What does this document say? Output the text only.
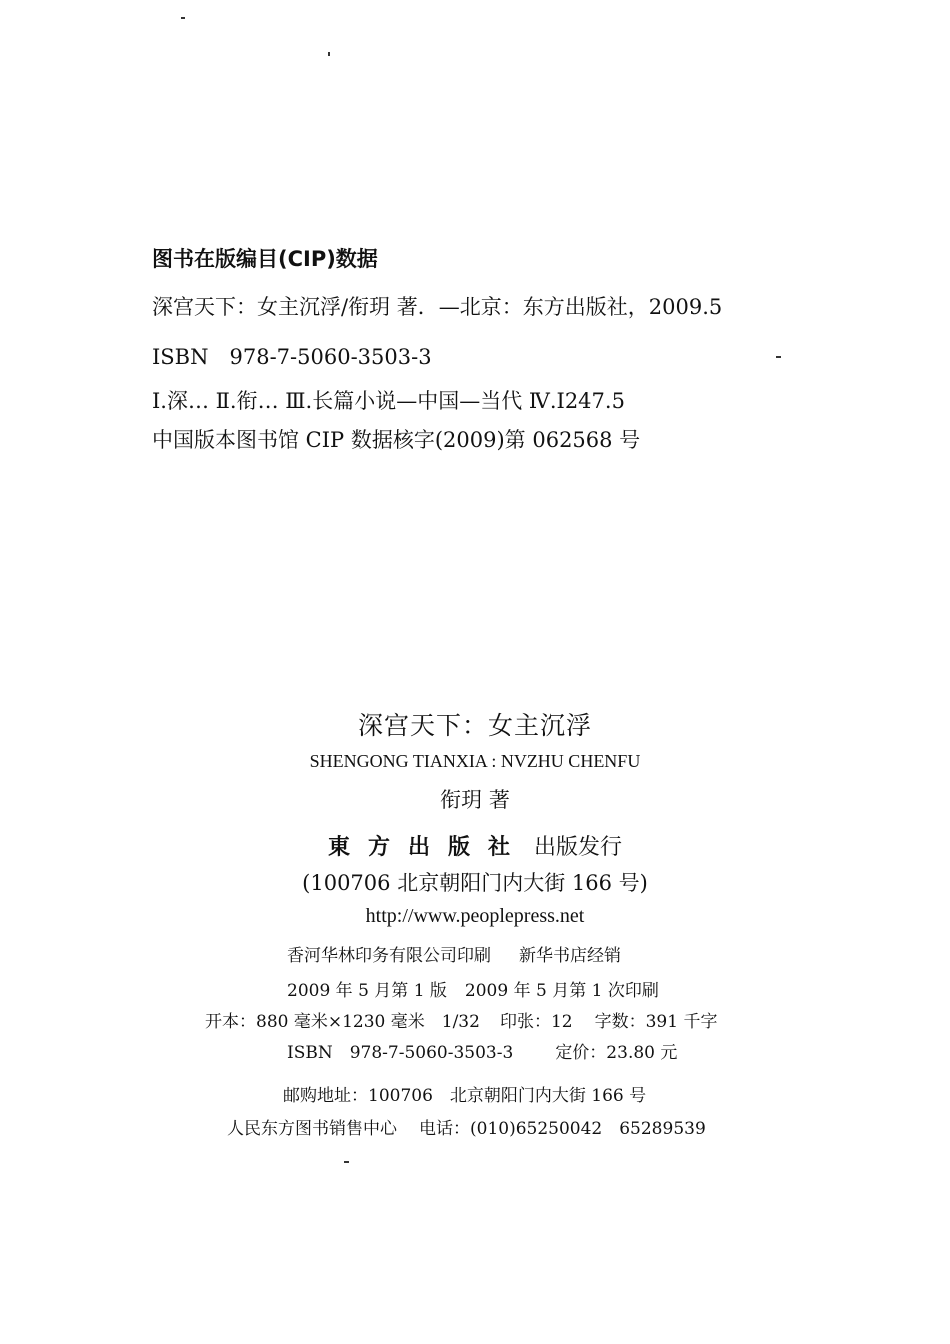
图书在版编目(CIP)数据
深宫天下：女主沉浮/衔玥 著．—北京：东方出版社，2009.5
ISBN　978-7-5060-3503-3
Ⅰ.深… Ⅱ.衔… Ⅲ.长篇小说—中国—当代 Ⅳ.I247.5
中国版本图书馆 CIP 数据核字(2009)第 062568 号
深宫天下：女主沉浮
SHENGONG TIANXIA : NVZHU CHENFU
衔玥 著
東方出版社 出版发行
(100706 北京朝阳门内大街 166 号)
http://www.peoplepress.net
香河华林印务有限公司印刷 新华书店经销
2009 年 5 月第 1 版 2009 年 5 月第 1 次印刷
开本：880 毫米×1230 毫米　1/32 印张：12 字数：391 千字
ISBN　978-7-5060-3503-3 定价：23.80 元
邮购地址：100706　北京朝阳门内大街 166 号
人民东方图书销售中心 电话：(010)65250042　65289539
